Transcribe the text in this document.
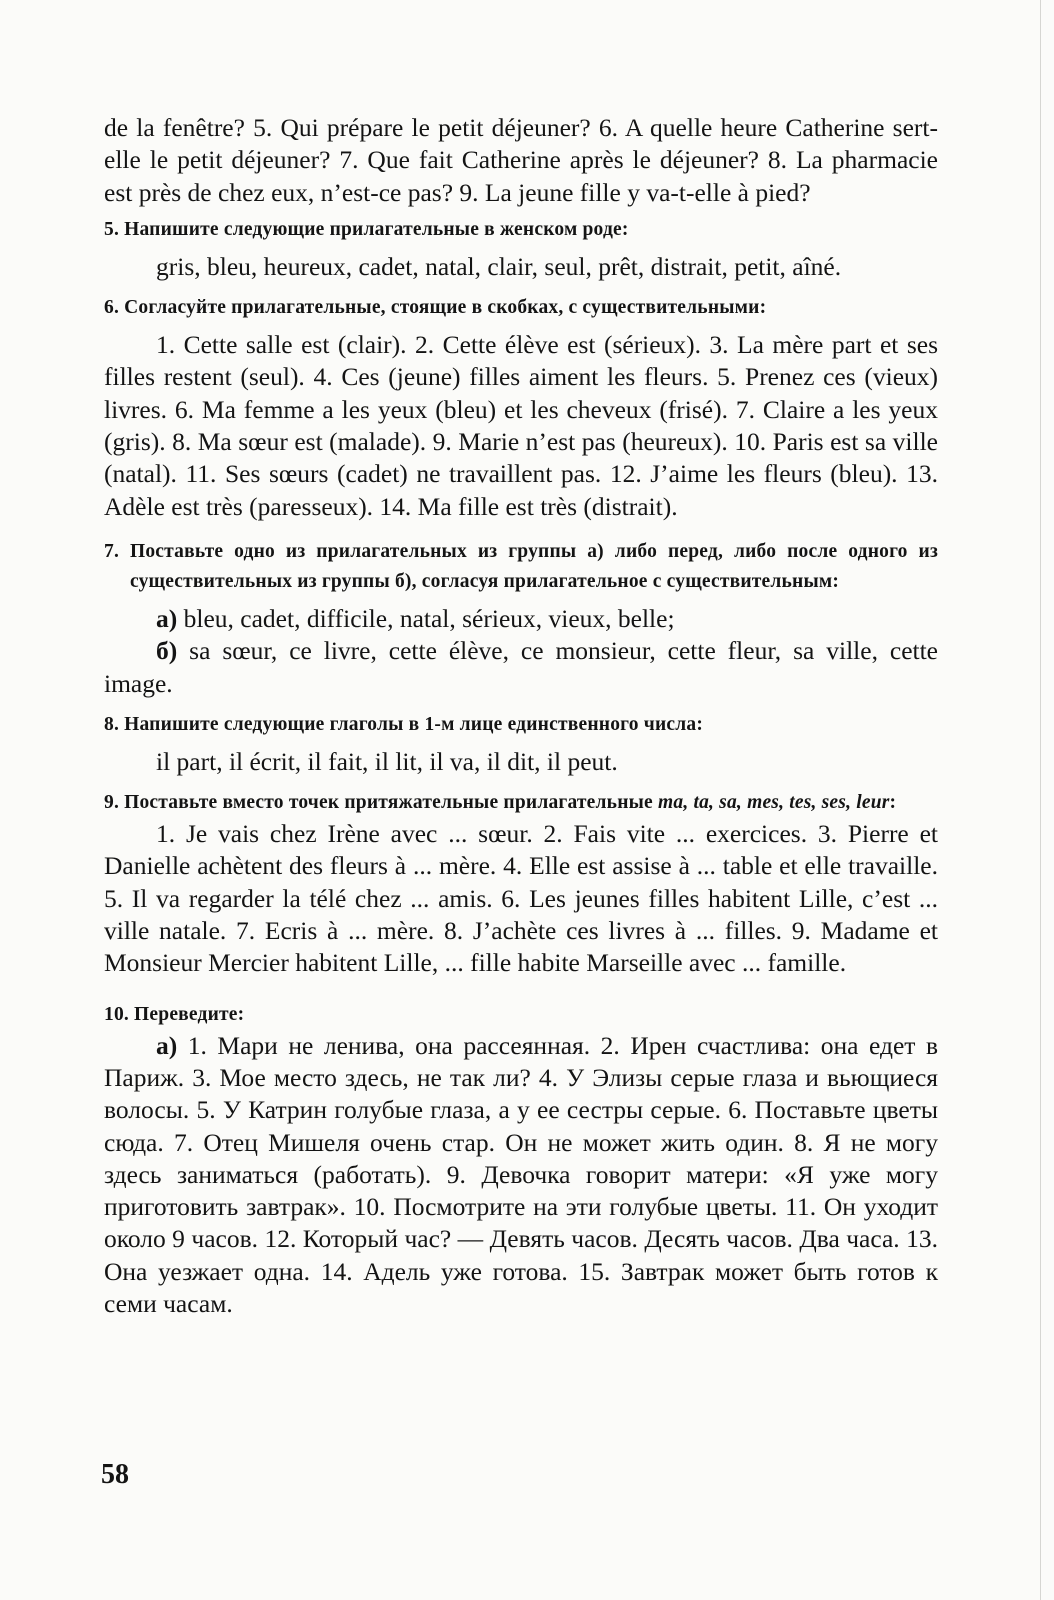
de la fenêtre? 5. Qui prépare le petit déjeuner? 6. A quelle heure Catherine sert-elle le petit déjeuner? 7. Que fait Catherine après le déjeuner? 8. La pharmacie est près de chez eux, n’est-ce pas? 9. La jeune fille y va-t-elle à pied?

5. Напишите следующие прилагательные в женском роде:

gris, bleu, heureux, cadet, natal, clair, seul, prêt, distrait, petit, aîné.

6. Согласуйте прилагательные, стоящие в скобках, с существительными:

1. Cette salle est (clair). 2. Cette élève est (sérieux). 3. La mère part et ses filles restent (seul). 4. Ces (jeune) filles aiment les fleurs. 5. Prenez ces (vieux) livres. 6. Ma femme a les yeux (bleu) et les cheveux (frisé). 7. Claire a les yeux (gris). 8. Ma sœur est (malade). 9. Marie n’est pas (heureux). 10. Paris est sa ville (natal). 11. Ses sœurs (cadet) ne travaillent pas. 12. J’aime les fleurs (bleu). 13. Adèle est très (paresseux). 14. Ma fille est très (distrait).

7. Поставьте одно из прилагательных из группы а) либо перед, либо после одного из существительных из группы б), согласуя прилагательное с существительным:

а) bleu, cadet, difficile, natal, sérieux, vieux, belle;

б) sa sœur, ce livre, cette élève, ce monsieur, cette fleur, sa ville, cette image.

8. Напишите следующие глаголы в 1-м лице единственного числа:

il part, il écrit, il fait, il lit, il va, il dit, il peut.

9. Поставьте вместо точек притяжательные прилагательные ma, ta, sa, mes, tes, ses, leur:

1. Je vais chez Irène avec ... sœur. 2. Fais vite ... exercices. 3. Pierre et Danielle achètent des fleurs à ... mère. 4. Elle est assise à ... table et elle travaille. 5. Il va regarder la télé chez ... amis. 6. Les jeunes filles habitent Lille, c’est ... ville natale. 7. Ecris à ... mère. 8. J’achète ces livres à ... filles. 9. Madame et Monsieur Mercier habitent Lille, ... fille habite Marseille avec ... famille.

10. Переведите:

а) 1. Мари не ленива, она рассеянная. 2. Ирен счастлива: она едет в Париж. 3. Мое место здесь, не так ли? 4. У Элизы серые глаза и вьющиеся волосы. 5. У Катрин голубые глаза, а у ее сестры серые. 6. Поставьте цветы сюда. 7. Отец Мишеля очень стар. Он не может жить один. 8. Я не могу здесь заниматься (работать). 9. Девочка говорит матери: «Я уже могу приготовить завтрак». 10. Посмотрите на эти голубые цветы. 11. Он уходит около 9 часов. 12. Который час? — Девять часов. Десять часов. Два часа. 13. Она уезжает одна. 14. Адель уже готова. 15. Завтрак может быть готов к семи часам.

58
